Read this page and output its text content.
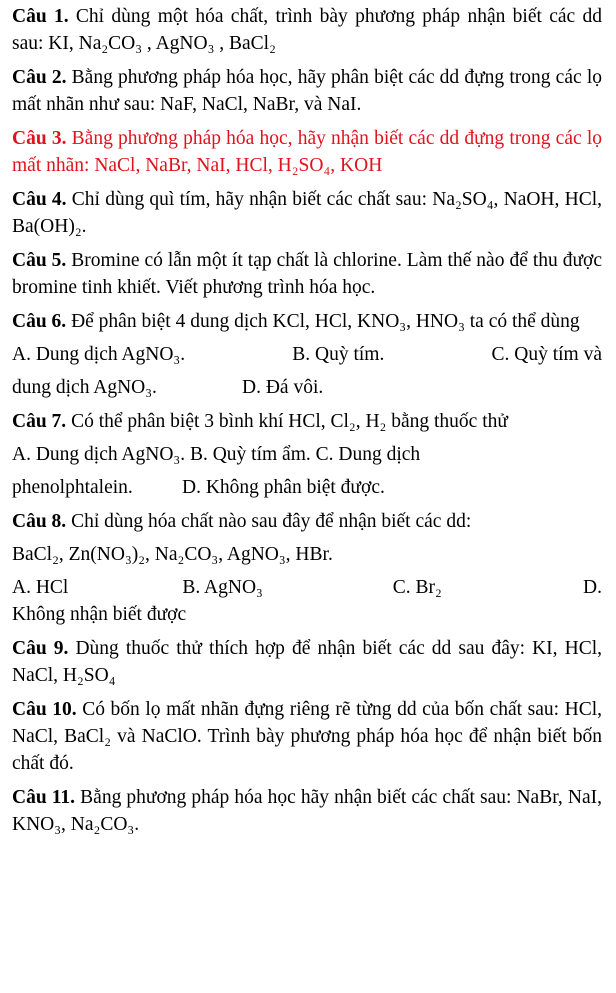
Câu 1. Chỉ dùng một hóa chất, trình bày phương pháp nhận biết các dd sau: KI, Na₂CO₃ , AgNO₃ , BaCl₂

Câu 2. Bằng phương pháp hóa học, hãy phân biệt các dd đựng trong các lọ mất nhãn như sau: NaF, NaCl, NaBr, và NaI.

Câu 3. Bằng phương pháp hóa học, hãy nhận biết các dd đựng trong các lọ mất nhãn: NaCl, NaBr, NaI, HCl, H₂SO₄, KOH

Câu 4. Chỉ dùng quì tím, hãy nhận biết các chất sau: Na₂SO₄, NaOH, HCl, Ba(OH)₂.

Câu 5. Bromine có lẫn một ít tạp chất là chlorine. Làm thế nào để thu được bromine tinh khiết. Viết phương trình hóa học.

Câu 6. Để phân biệt 4 dung dịch KCl, HCl, KNO₃, HNO₃ ta có thể dùng
A. Dung dịch AgNO₃.	B. Quỳ tím.	C. Quỳ tím và
dung dịch AgNO₃.	D. Đá vôi.
Câu 7. Có thể phân biệt 3 bình khí HCl, Cl₂, H₂ bằng thuốc thử
A. Dung dịch AgNO₃. B. Quỳ tím ẩm. C. Dung dịch
phenolphtalein.	D. Không phân biệt được.
Câu 8. Chỉ dùng hóa chất nào sau đây để nhận biết các dd:
BaCl₂, Zn(NO₃)₂, Na₂CO₃, AgNO₃, HBr.
A. HCl	B. AgNO₃	C. Br₂	D.
Không nhận biết được

Câu 9. Dùng thuốc thử thích hợp để nhận biết các dd sau đây: KI, HCl, NaCl, H₂SO₄

Câu 10. Có bốn lọ mất nhãn đựng riêng rẽ từng dd của bốn chất sau: HCl, NaCl, BaCl₂ và NaClO. Trình bày phương pháp hóa học để nhận biết bốn chất đó.

Câu 11. Bằng phương pháp hóa học hãy nhận biết các chất sau: NaBr, NaI, KNO₃, Na₂CO₃.
